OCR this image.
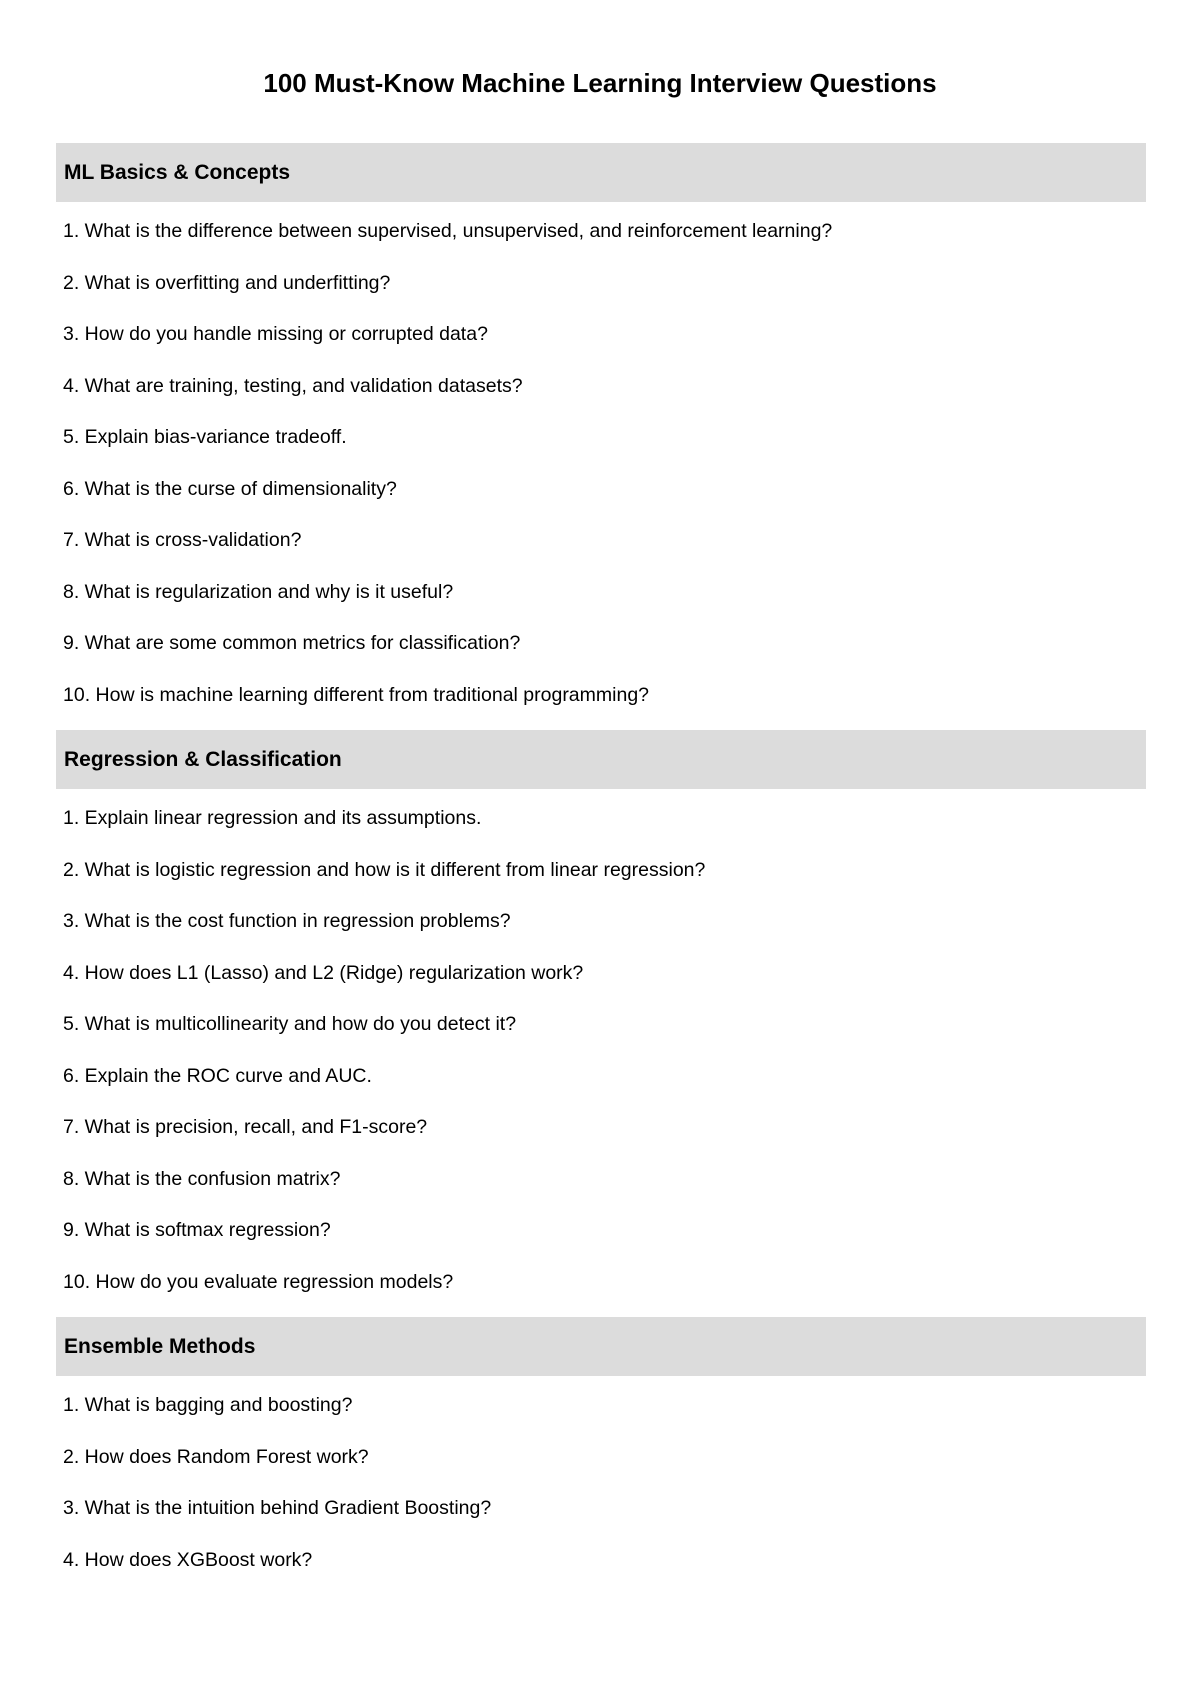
100 Must-Know Machine Learning Interview Questions
ML Basics & Concepts
1. What is the difference between supervised, unsupervised, and reinforcement learning?
2. What is overfitting and underfitting?
3. How do you handle missing or corrupted data?
4. What are training, testing, and validation datasets?
5. Explain bias-variance tradeoff.
6. What is the curse of dimensionality?
7. What is cross-validation?
8. What is regularization and why is it useful?
9. What are some common metrics for classification?
10. How is machine learning different from traditional programming?
Regression & Classification
1. Explain linear regression and its assumptions.
2. What is logistic regression and how is it different from linear regression?
3. What is the cost function in regression problems?
4. How does L1 (Lasso) and L2 (Ridge) regularization work?
5. What is multicollinearity and how do you detect it?
6. Explain the ROC curve and AUC.
7. What is precision, recall, and F1-score?
8. What is the confusion matrix?
9. What is softmax regression?
10. How do you evaluate regression models?
Ensemble Methods
1. What is bagging and boosting?
2. How does Random Forest work?
3. What is the intuition behind Gradient Boosting?
4. How does XGBoost work?
